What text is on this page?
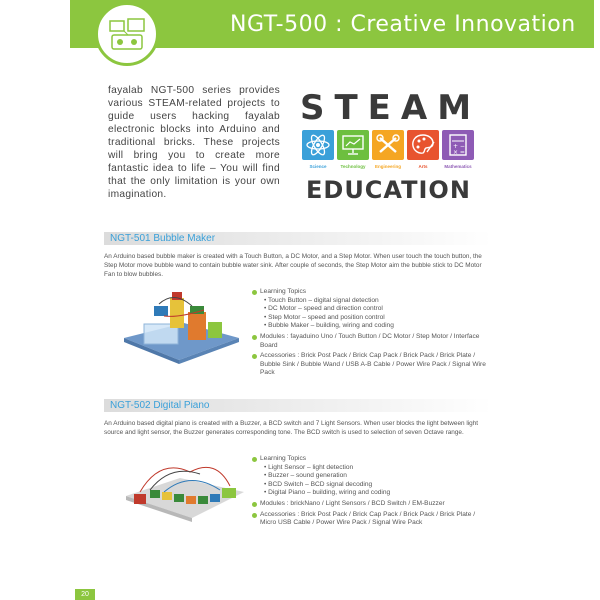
NGT-500 : Creative Innovation
fayalab NGT-500 series provides various STEAM-related projects to guide users hacking fayalab electronic blocks into Arduino and traditional bricks. These projects will bring you to create more fantastic idea to life – You will find that the only limitation is your own imagination.
STEAM
Science	Technology	Engineering	Arts
+ −
× =
Mathematics
EDUCATION
NGT-501 Bubble Maker
An Arduino based bubble maker is created with a Touch Button, a DC Motor, and a Step Motor. When user touch the touch button, the Step Motor move bubble wand to contain bubble water sink. After couple of seconds, the Step Motor aim the bubble stick to DC Motor Fan to blow bubbles.
Learning Topics
• Touch Button – digital signal detection
• DC Motor – speed and direction control
• Step Motor – speed and position control
• Bubble Maker – building, wiring and coding
Modules : fayaduino Uno / Touch Button / DC Motor / Step Motor / Interface Board
Accessories : Brick Post Pack / Brick Cap Pack / Brick Pack / Brick Plate / Bubble Sink / Bubble Wand / USB A-B Cable / Power Wire Pack / Signal Wire Pack
NGT-502 Digital Piano
An Arduino based digital piano is created with a Buzzer, a BCD switch and 7 Light Sensors. When user blocks the light between light source and light sensor, the Buzzer generates corresponding tone. The BCD switch is used to selection of seven Octave range.
Learning Topics
• Light Sensor – light detection
• Buzzer – sound generation
• BCD Switch – BCD signal decoding
• Digital Piano – building, wiring and coding
Modules : brickNano / Light Sensors / BCD Switch / EM-Buzzer
Accessories : Brick Post Pack / Brick Cap Pack / Brick Pack / Brick Plate / Micro USB Cable / Power Wire Pack / Signal Wire Pack
20
